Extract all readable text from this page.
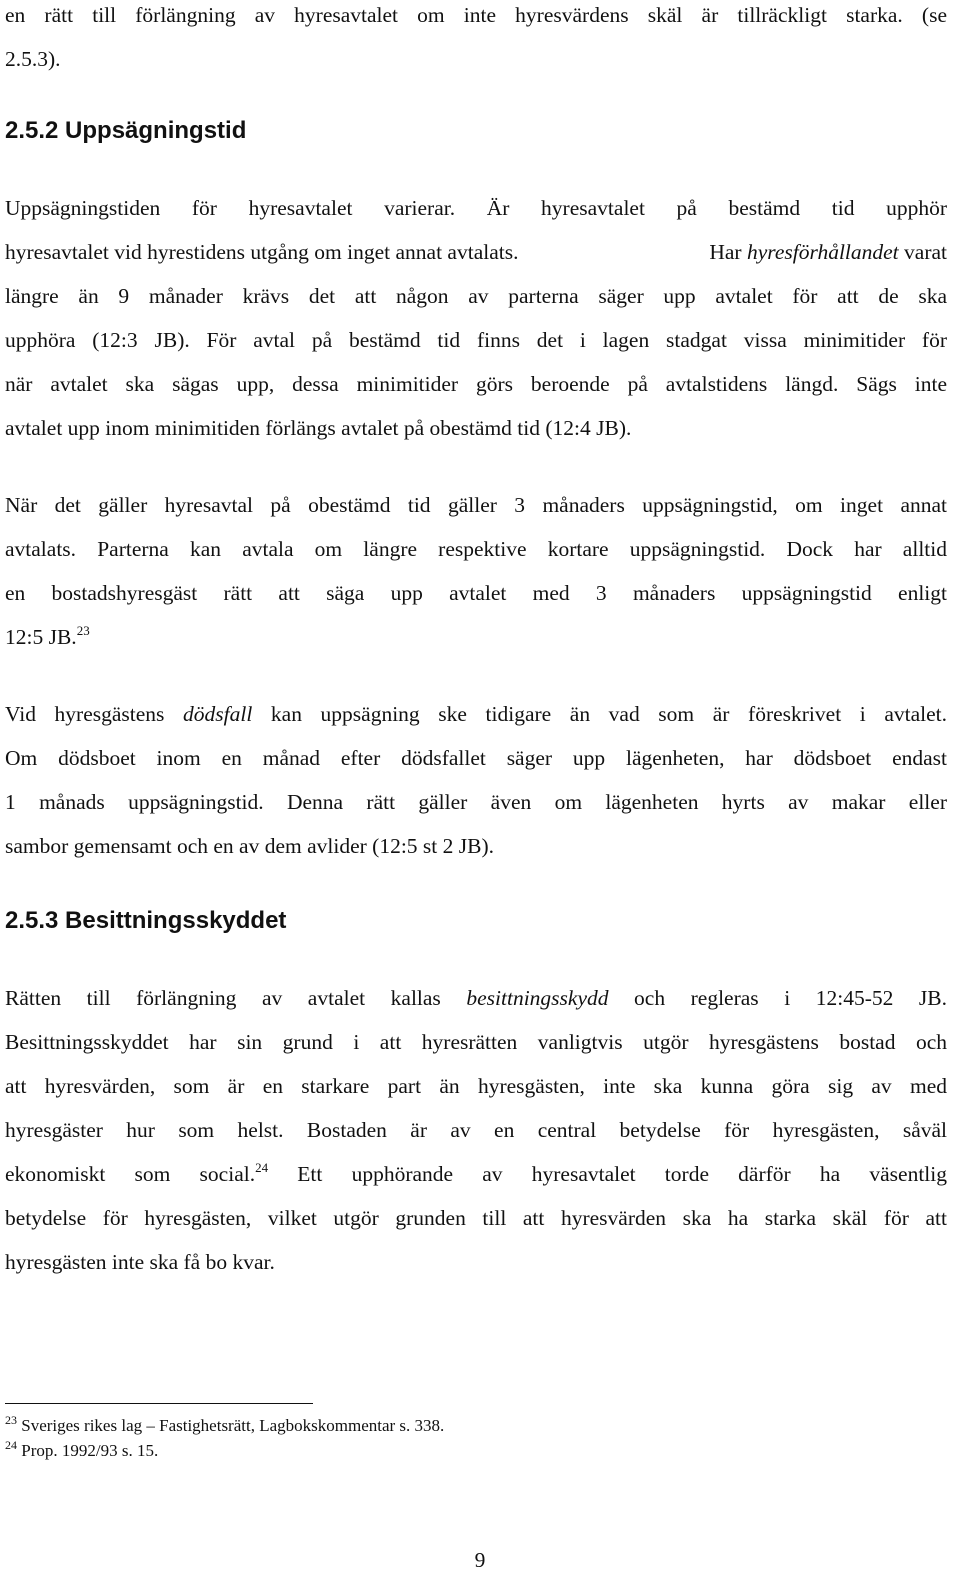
en rätt till förlängning av hyresavtalet om inte hyresvärdens skäl är tillräckligt starka. (se
2.5.3).
2.5.2 Uppsägningstid
Uppsägningstiden för hyresavtalet varierar. Är hyresavtalet på bestämd tid upphör
hyresavtalet vid hyrestidens utgång om inget annat avtalats.	Har hyresförhållandet varat
längre än 9 månader krävs det att någon av parterna säger upp avtalet för att de ska
upphöra (12:3 JB). För avtal på bestämd tid finns det i lagen stadgat vissa minimitider för
när avtalet ska sägas upp, dessa minimitider görs beroende på avtalstidens längd. Sägs inte
avtalet upp inom minimitiden förlängs avtalet på obestämd tid (12:4 JB).
När det gäller hyresavtal på obestämd tid gäller 3 månaders uppsägningstid, om inget annat
avtalats. Parterna kan avtala om längre respektive kortare uppsägningstid. Dock har alltid
en bostadshyresgäst rätt att säga upp avtalet med 3 månaders uppsägningstid enligt
12:5 JB.$^{23}$
Vid hyresgästens dödsfall kan uppsägning ske tidigare än vad som är föreskrivet i avtalet.
Om dödsboet inom en månad efter dödsfallet säger upp lägenheten, har dödsboet endast
1 månads uppsägningstid. Denna rätt gäller även om lägenheten hyrts av makar eller
sambor gemensamt och en av dem avlider (12:5 st 2 JB).
2.5.3 Besittningsskyddet
Rätten till förlängning av avtalet kallas besittningsskydd och regleras i 12:45-52 JB.
Besittningsskyddet har sin grund i att hyresrätten vanligtvis utgör hyresgästens bostad och
att hyresvärden, som är en starkare part än hyresgästen, inte ska kunna göra sig av med
hyresgäster hur som helst. Bostaden är av en central betydelse för hyresgästen, såväl
ekonomiskt som social.$^{24}$ Ett upphörande av hyresavtalet torde därför ha väsentlig
betydelse för hyresgästen, vilket utgör grunden till att hyresvärden ska ha starka skäl för att
hyresgästen inte ska få bo kvar.
$^{23}$ Sveriges rikes lag – Fastighetsrätt, Lagbokskommentar s. 338.
$^{24}$ Prop. 1992/93 s. 15.
9
